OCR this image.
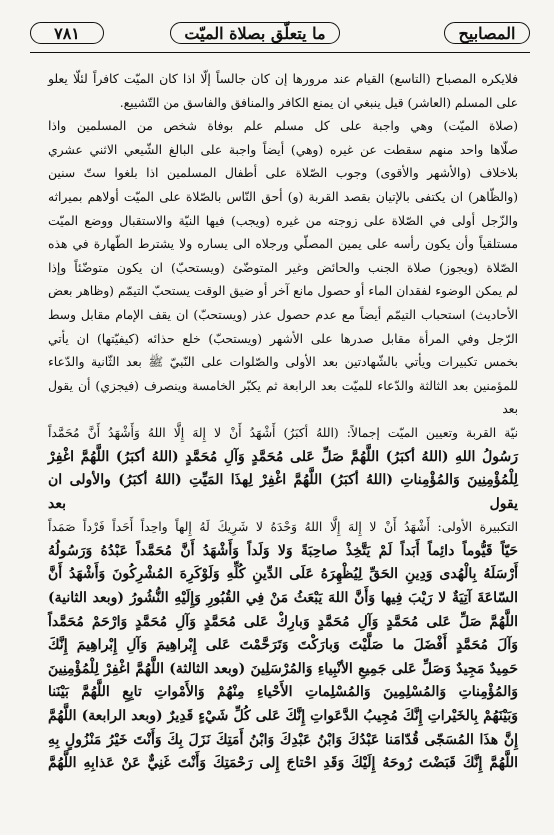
المصابيح
ما يتعلّق بصلاة الميّت
٧٨١

فلايكره المصباح (التاسع) القيام عند مرورها إن كان جالساً إلّا اذا كان الميّت كافراً لئلّا يعلو

على المسلم (العاشر) قيل ينبغي ان يمنع الكافر والمنافق والفاسق من التّشييع.

(صلاة الميّت) وهي واجبة على كل مسلم علم بوفاة شخص من المسلمين واذا

صلّاها واحد منهم سقطت عن غيره (وهي) أيضاً واجبة على البالغ الشّيعي الاثني عشري

بلاخلاف (والأشهر والأقوى) وجوب الصّلاة على أطفال المسلمين اذا بلغوا ستّ سنين

(والظّاهر) ان يكتفى بالإتيان بقصد القربة (و) أحق النّاس بالصّلاة على الميّت أولاهم بميراثه

والزّجل أولى في الصّلاة على زوجته من غيره (ويجب) فيها النيّة والاستقبال ووضع الميّت

مستلقياً وأن يكون رأسه على يمين المصلّي ورجلاه الى يساره ولا يشترط الطّهارة في هذه

الصّلاة (ويجوز) صلاة الجنب والحائض وغير المتوضّئ (ويستحبّ) ان يكون متوضّئاً وإذا

لم يمكن الوضوء لفقدان الماء أو حصول مانع آخر أو ضيق الوقت يستحبّ التيمّم (وظاهر بعض

الأحاديث) استحباب التيمّم أيضاً مع عدم حصول عذر (ويستحبّ) ان يقف الإمام مقابل وسط

الرّجل وفي المرأة مقابل صدرها على الأشهر (ويستحبّ) خلع حذائه (كيفيّتها) ان يأتي

بخمس تكبيرات ويأتي بالشّهادتين بعد الأولى والصّلوات على النّبيّ ﷺ بعد الثّانية والدّعاء

للمؤمنين بعد الثالثة والدّعاء للميّت بعد الرابعة ثم يكبّر الخامسة وينصرف (فيجزي) أن يقول بعد

نيّة القربة وتعيين الميّت إجمالاً: (اللهُ أكبَرُ) أَشْهَدُ أَنْ لا إِلهَ إِلَّا اللهُ وَأَشْهَدُ أَنَّ مُحَمَّداً

رَسُولُ اللهِ (اللهُ أكبَرُ) اللَّهُمَّ صَلِّ عَلى مُحَمَّدٍ وَآلِ مُحَمَّدٍ (اللهُ أكبَرُ) اللَّهُمَّ اغْفِرْ

لِلْمُؤْمِنِينَ وَالمُؤْمِناتِ (اللهُ أكبَرُ) اللَّهُمَّ اغْفِرْ لِهذَا المَيِّتِ (اللهُ أكبَرُ) والأولى ان يقول بعد

التكبيرة الأولى: أَشْهَدُ أَنْ لا إِلهَ إِلَّا اللهُ وَحْدَهُ لا شَرِيكَ لَهُ إِلهاً واحِداً أَحَداً فَرْداً صَمَداً

حَيّاً قَيُّوماً دائِماً أَبَداً لَمْ يَتَّخِذْ صاحِبَةً وَلا وَلَداً وَأَشْهَدُ أَنَّ مُحَمَّداً عَبْدُهُ وَرَسُولُهُ

أَرْسَلَهُ بِالْهُدى وَدِينِ الحَقِّ لِيُظْهِرَهُ عَلَى الدِّينِ كُلِّهِ وَلَوْكَرِهَ المُشْرِكُونَ وَأَشْهَدُ أَنَّ

السّاعَةَ آتِيَةٌ لا رَيْبَ فِيها وَأَنَّ اللهَ يَبْعَثُ مَنْ فِي القُبُورِ وَإِلَيْهِ النُّشُورُ (وبعد الثانية)

اللَّهُمَّ صَلِّ عَلى مُحَمَّدٍ وَآلِ مُحَمَّدٍ وَبارِكْ عَلى مُحَمَّدٍ وَآلِ مُحَمَّدٍ وَارْحَمْ مُحَمَّداً

وَآلَ مُحَمَّدٍ أَفْضَلَ ما صَلَّيْتَ وَبارَكْتَ وَتَرَحَّمْتَ عَلى إِبْراهِيمَ وَآلِ إِبْراهِيمَ إِنَّكَ

حَمِيدٌ مَجِيدٌ وَصَلِّ عَلى جَمِيعِ الأنْبِياءِ وَالمُرْسَلِينَ (وبعد الثالثة) اللَّهُمَّ اغْفِرْ لِلْمُؤْمِنِينَ

وَالمُؤْمِناتِ وَالمُسْلِمِينَ وَالمُسْلِماتِ الأَحْياءِ مِنْهُمْ وَالأَمْواتِ تابِعِ اللَّهُمَّ بَيْنَنا

وَبَيْنَهُمْ بِالخَيْراتِ إِنَّكَ مُجِيبُ الدَّعَواتِ إِنَّكَ عَلى كُلِّ شَيْءٍ قَدِيرٌ (وبعد الرابعة) اللَّهُمَّ

إِنَّ هذَا المُسَجّى قُدّامَنا عَبْدُكَ وَابْنُ عَبْدِكَ وَابْنُ أَمَتِكَ نَزَلَ بِكَ وَأَنْتَ خَيْرُ مَنْزُولٍ بِهِ

اللَّهُمَّ إِنَّكَ قَبَضْتَ رُوحَهُ إِلَيْكَ وَقَدِ احْتاجَ إِلى رَحْمَتِكَ وَأَنْتَ غَنِيٌّ عَنْ عَذابِهِ اللَّهُمَّ
